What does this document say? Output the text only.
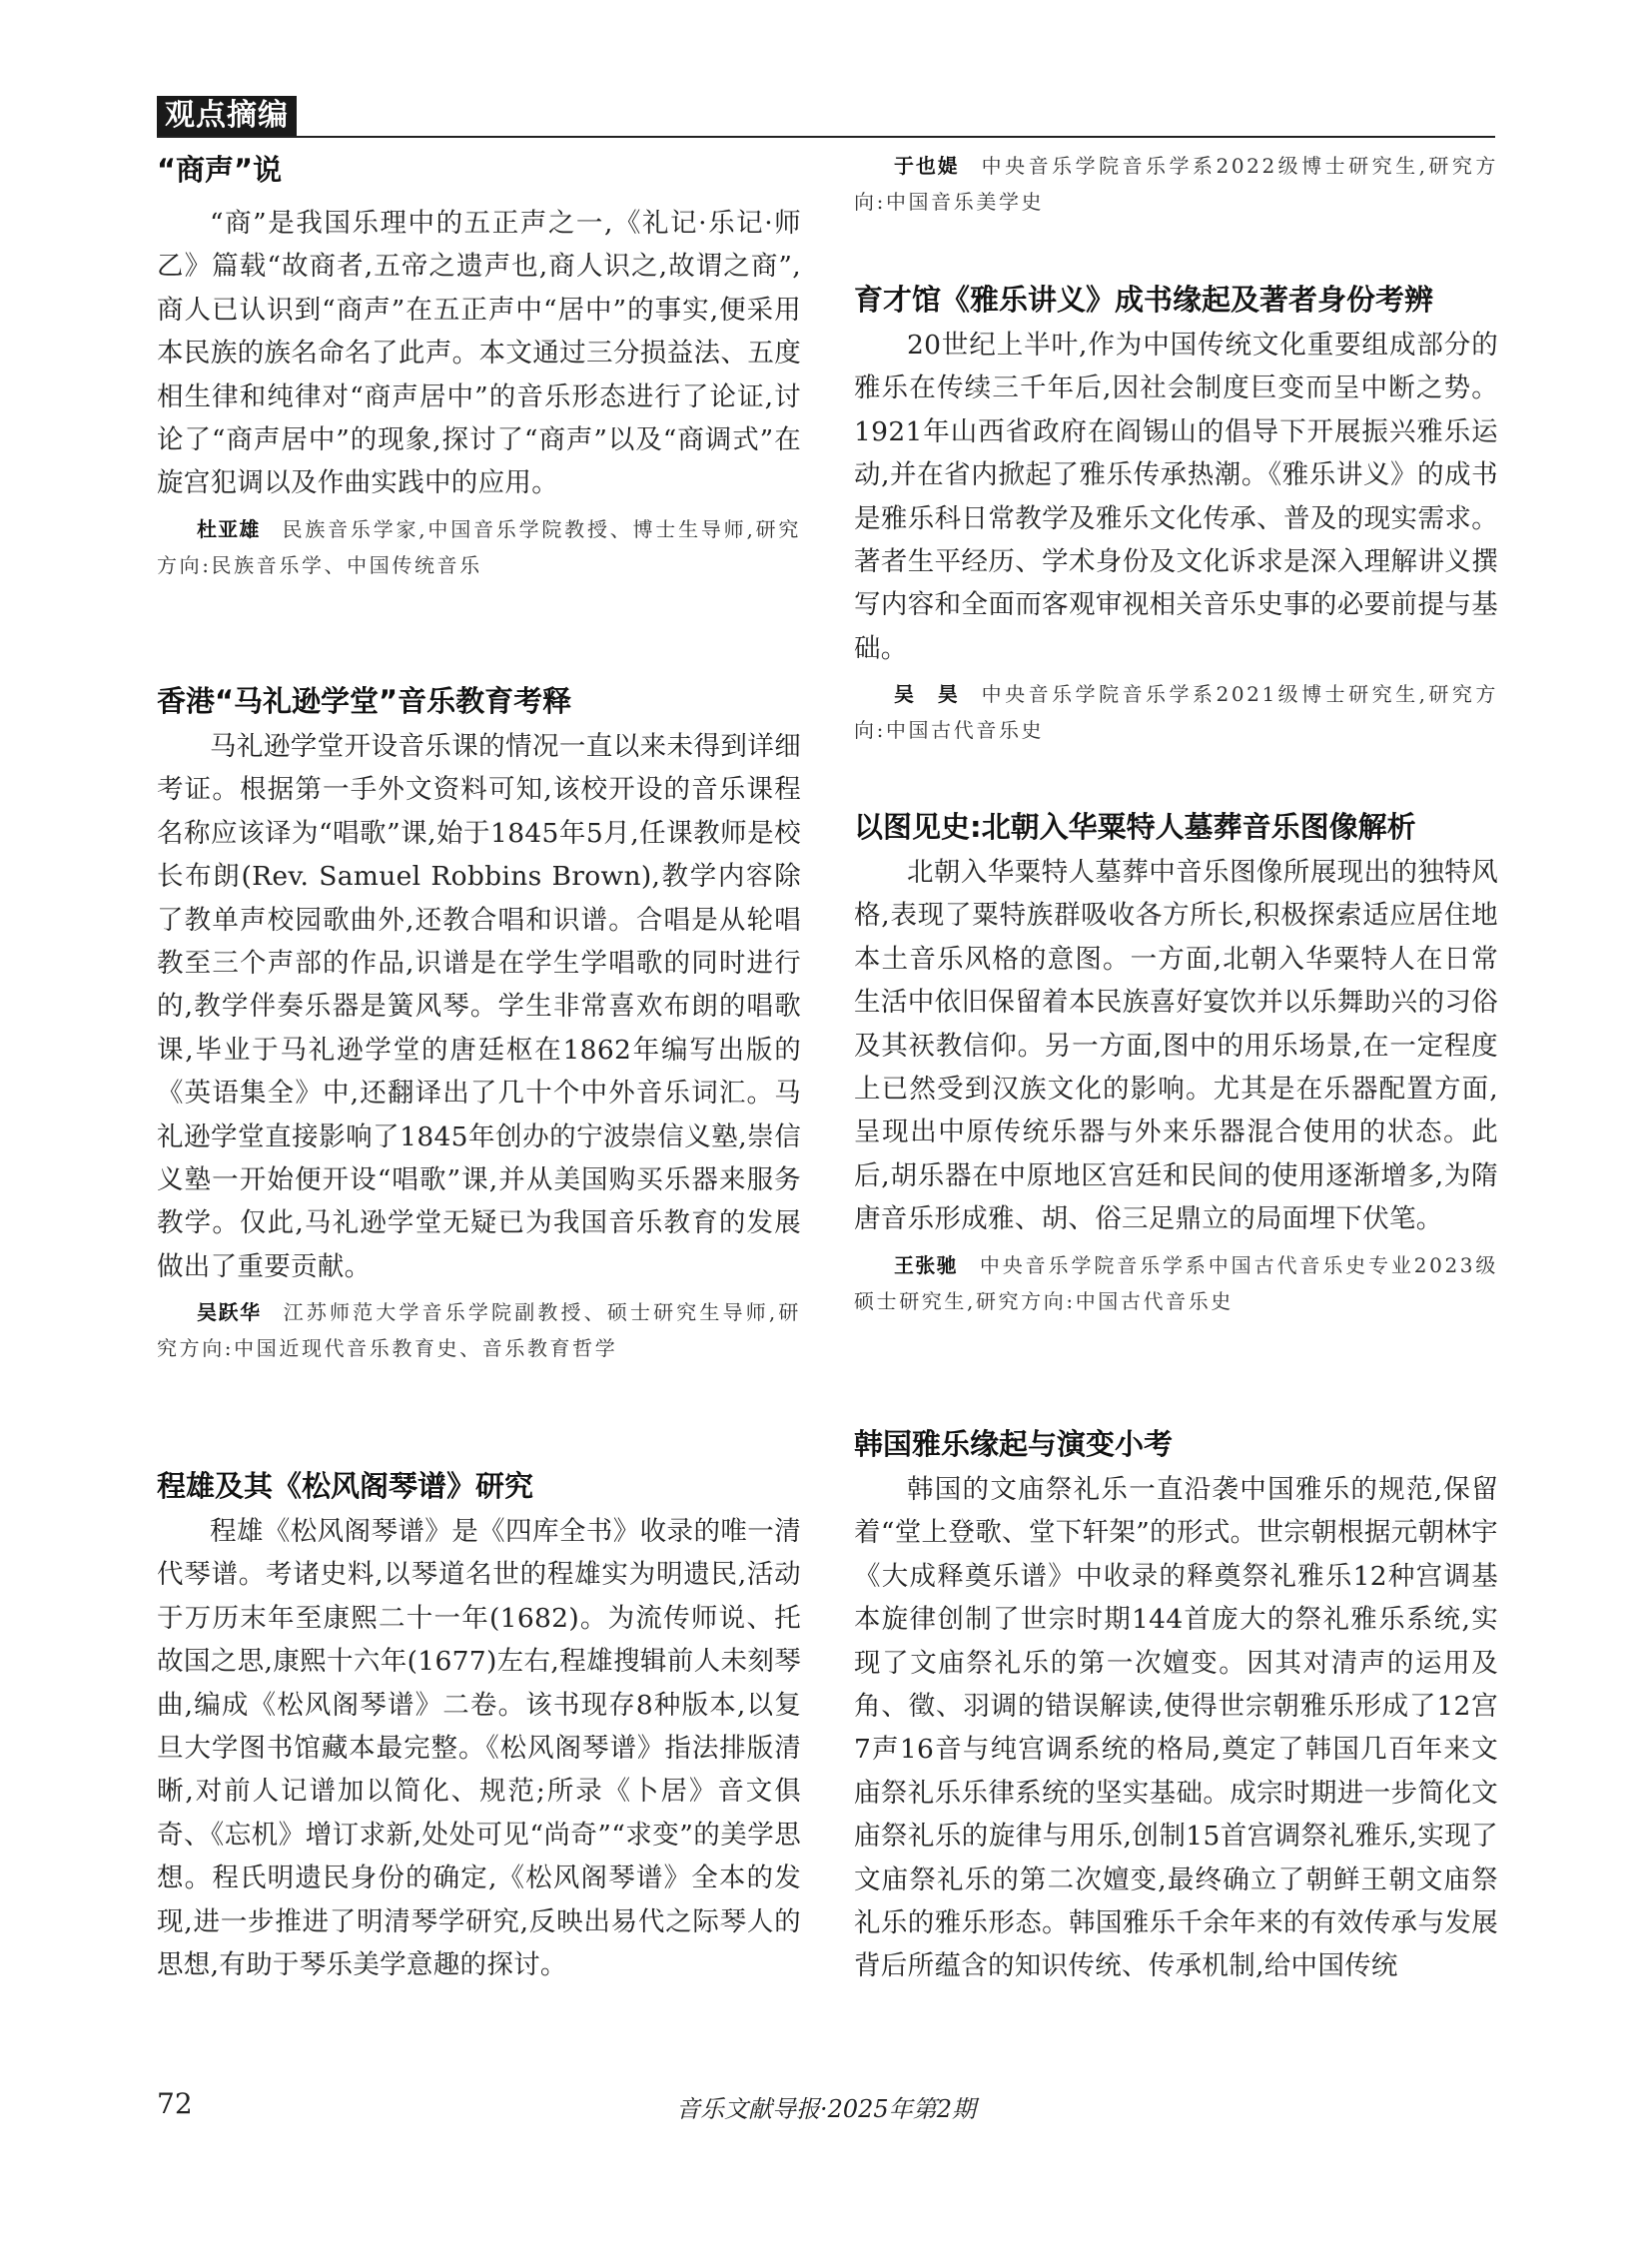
观点摘编
“商声”说

“商”是我国乐理中的五正声之一,《礼记·乐记·师乙》篇载“故商者,五帝之遗声也,商人识之,故谓之商”,商人已认识到“商声”在五正声中“居中”的事实,便采用本民族的族名命名了此声。本文通过三分损益法、五度相生律和纯律对“商声居中”的音乐形态进行了论证,讨论了“商声居中”的现象,探讨了“商声”以及“商调式”在旋宫犯调以及作曲实践中的应用。

杜亚雄 民族音乐学家,中国音乐学院教授、博士生导师,研究方向:民族音乐学、中国传统音乐

香港“马礼逊学堂”音乐教育考释

马礼逊学堂开设音乐课的情况一直以来未得到详细考证。根据第一手外文资料可知,该校开设的音乐课程名称应该译为“唱歌”课,始于1845年5月,任课教师是校长布朗(Rev. Samuel Robbins Brown),教学内容除了教单声校园歌曲外,还教合唱和识谱。合唱是从轮唱教至三个声部的作品,识谱是在学生学唱歌的同时进行的,教学伴奏乐器是簧风琴。学生非常喜欢布朗的唱歌课,毕业于马礼逊学堂的唐廷枢在1862年编写出版的《英语集全》中,还翻译出了几十个中外音乐词汇。马礼逊学堂直接影响了1845年创办的宁波崇信义塾,崇信义塾一开始便开设“唱歌”课,并从美国购买乐器来服务教学。仅此,马礼逊学堂无疑已为我国音乐教育的发展做出了重要贡献。

吴跃华 江苏师范大学音乐学院副教授、硕士研究生导师,研究方向:中国近现代音乐教育史、音乐教育哲学

程雄及其《松风阁琴谱》研究

程雄《松风阁琴谱》是《四库全书》收录的唯一清代琴谱。考诸史料,以琴道名世的程雄实为明遗民,活动于万历末年至康熙二十一年(1682)。为流传师说、托故国之思,康熙十六年(1677)左右,程雄搜辑前人未刻琴曲,编成《松风阁琴谱》二卷。该书现存8种版本,以复旦大学图书馆藏本最完整。《松风阁琴谱》指法排版清晰,对前人记谱加以简化、规范;所录《卜居》音文俱奇、《忘机》增订求新,处处可见“尚奇”“求变”的美学思想。程氏明遗民身份的确定,《松风阁琴谱》全本的发现,进一步推进了明清琴学研究,反映出易代之际琴人的思想,有助于琴乐美学意趣的探讨。

于也媞 中央音乐学院音乐学系2022级博士研究生,研究方向:中国音乐美学史

育才馆《雅乐讲义》成书缘起及著者身份考辨

20世纪上半叶,作为中国传统文化重要组成部分的雅乐在传续三千年后,因社会制度巨变而呈中断之势。1921年山西省政府在阎锡山的倡导下开展振兴雅乐运动,并在省内掀起了雅乐传承热潮。《雅乐讲义》的成书是雅乐科日常教学及雅乐文化传承、普及的现实需求。著者生平经历、学术身份及文化诉求是深入理解讲义撰写内容和全面而客观审视相关音乐史事的必要前提与基础。

吴　昊 中央音乐学院音乐学系2021级博士研究生,研究方向:中国古代音乐史

以图见史:北朝入华粟特人墓葬音乐图像解析

北朝入华粟特人墓葬中音乐图像所展现出的独特风格,表现了粟特族群吸收各方所长,积极探索适应居住地本土音乐风格的意图。一方面,北朝入华粟特人在日常生活中依旧保留着本民族喜好宴饮并以乐舞助兴的习俗及其祆教信仰。另一方面,图中的用乐场景,在一定程度上已然受到汉族文化的影响。尤其是在乐器配置方面,呈现出中原传统乐器与外来乐器混合使用的状态。此后,胡乐器在中原地区宫廷和民间的使用逐渐增多,为隋唐音乐形成雅、胡、俗三足鼎立的局面埋下伏笔。

王张驰 中央音乐学院音乐学系中国古代音乐史专业2023级硕士研究生,研究方向:中国古代音乐史

韩国雅乐缘起与演变小考

韩国的文庙祭礼乐一直沿袭中国雅乐的规范,保留着“堂上登歌、堂下轩架”的形式。世宗朝根据元朝林宇《大成释奠乐谱》中收录的释奠祭礼雅乐12种宫调基本旋律创制了世宗时期144首庞大的祭礼雅乐系统,实现了文庙祭礼乐的第一次嬗变。因其对清声的运用及角、徵、羽调的错误解读,使得世宗朝雅乐形成了12宫7声16音与纯宫调系统的格局,奠定了韩国几百年来文庙祭礼乐乐律系统的坚实基础。成宗时期进一步简化文庙祭礼乐的旋律与用乐,创制15首宫调祭礼雅乐,实现了文庙祭礼乐的第二次嬗变,最终确立了朝鲜王朝文庙祭礼乐的雅乐形态。韩国雅乐千余年来的有效传承与发展背后所蕴含的知识传统、传承机制,给中国传统

72	音乐文献导报·2025年第2期
